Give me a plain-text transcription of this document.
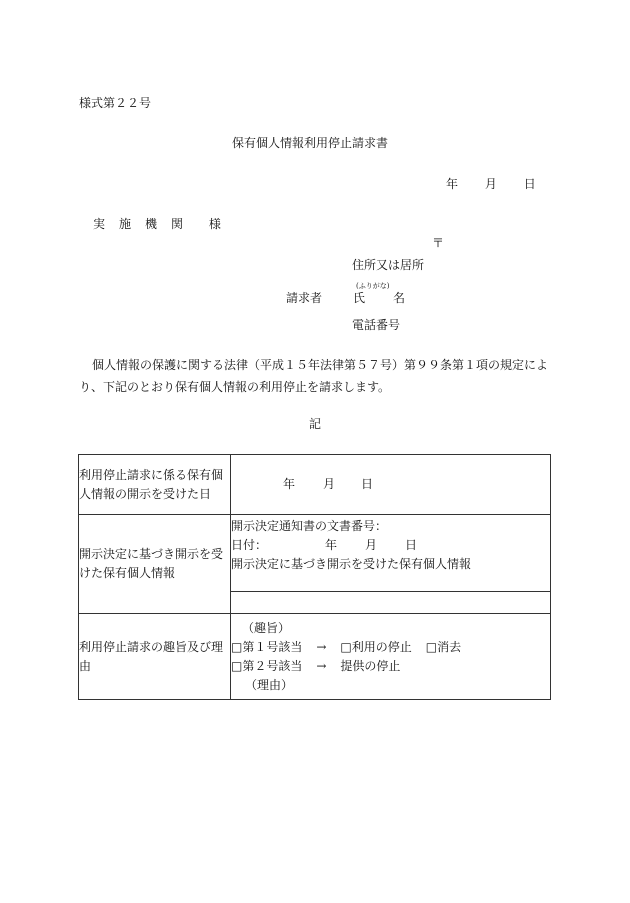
様式第２２号
保有個人情報利用停止請求書
年 月 日
実 施 機 関 様
〒
住所又は居所
請求者
(ふりがな)
氏 名
電話番号
個人情報の保護に関する法律（平成１５年法律第５７号）第９９条第１項の規定により、下記のとおり保有個人情報の利用停止を請求します。
記
利用停止請求に係る保有個人情報の開示を受けた日	年 月 日
開示決定に基づき開示を受けた保有個人情報	開示決定通知書の文書番号：
日付： 年 月 日
開示決定に基づき開示を受けた保有個人情報

利用停止請求の趣旨及び理由	（趣旨）
□第１号該当 → □利用の停止 □消去
□第２号該当 → 提供の停止
（理由）
